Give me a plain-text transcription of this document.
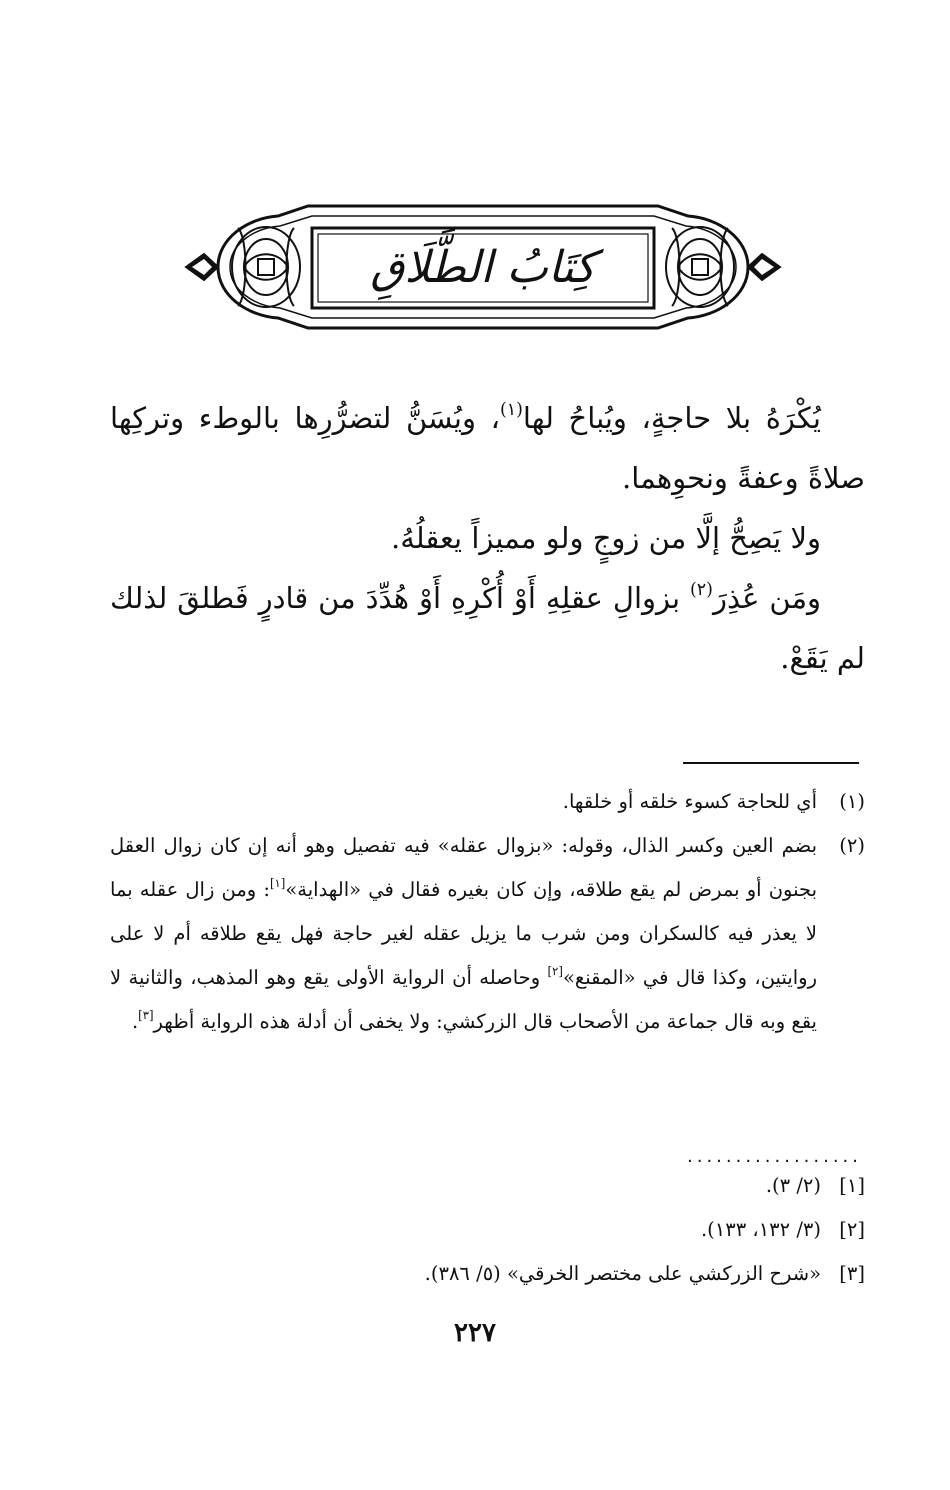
كِتَابُ الطَّلَاقِ

يُكْرَهُ بلا حاجةٍ، ويُباحُ لها$^{(١)}$، ويُسَنُّ لتضرُّرِها بالوطء وتركِها صلاةً وعفةً ونحوِهما.

ولا يَصِحُّ إلَّا من زوجٍ ولو مميزاً يعقلُهُ.

ومَن عُذِرَ$^{(٢)}$ بزوالِ عقلِهِ أَوْ أُكْرِهِ أَوْ هُدِّدَ من قادرٍ فَطلقَ لذلك لم يَقَعْ.

(١)
أي للحاجة كسوء خلقه أو خلقها.
(٢)
بضم العين وكسر الذال، وقوله: «بزوال عقله» فيه تفصيل وهو أنه إن كان زوال العقل بجنون أو بمرض لم يقع طلاقه، وإن كان بغيره فقال في «الهداية»[١]: ومن زال عقله بما لا يعذر فيه كالسكران ومن شرب ما يزيل عقله لغير حاجة فهل يقع طلاقه أم لا على روايتين، وكذا قال في «المقنع»[٢] وحاصله أن الرواية الأولى يقع وهو المذهب، والثانية لا يقع وبه قال جماعة من الأصحاب قال الزركشي: ولا يخفى أن أدلة هذه الرواية أظهر[٣].
..................
[١]
(٢/ ٣).
[٢]
(٣/ ١٣٢، ١٣٣).
[٣]
«شرح الزركشي على مختصر الخرقي» (٥/ ٣٨٦).
٢٢٧
